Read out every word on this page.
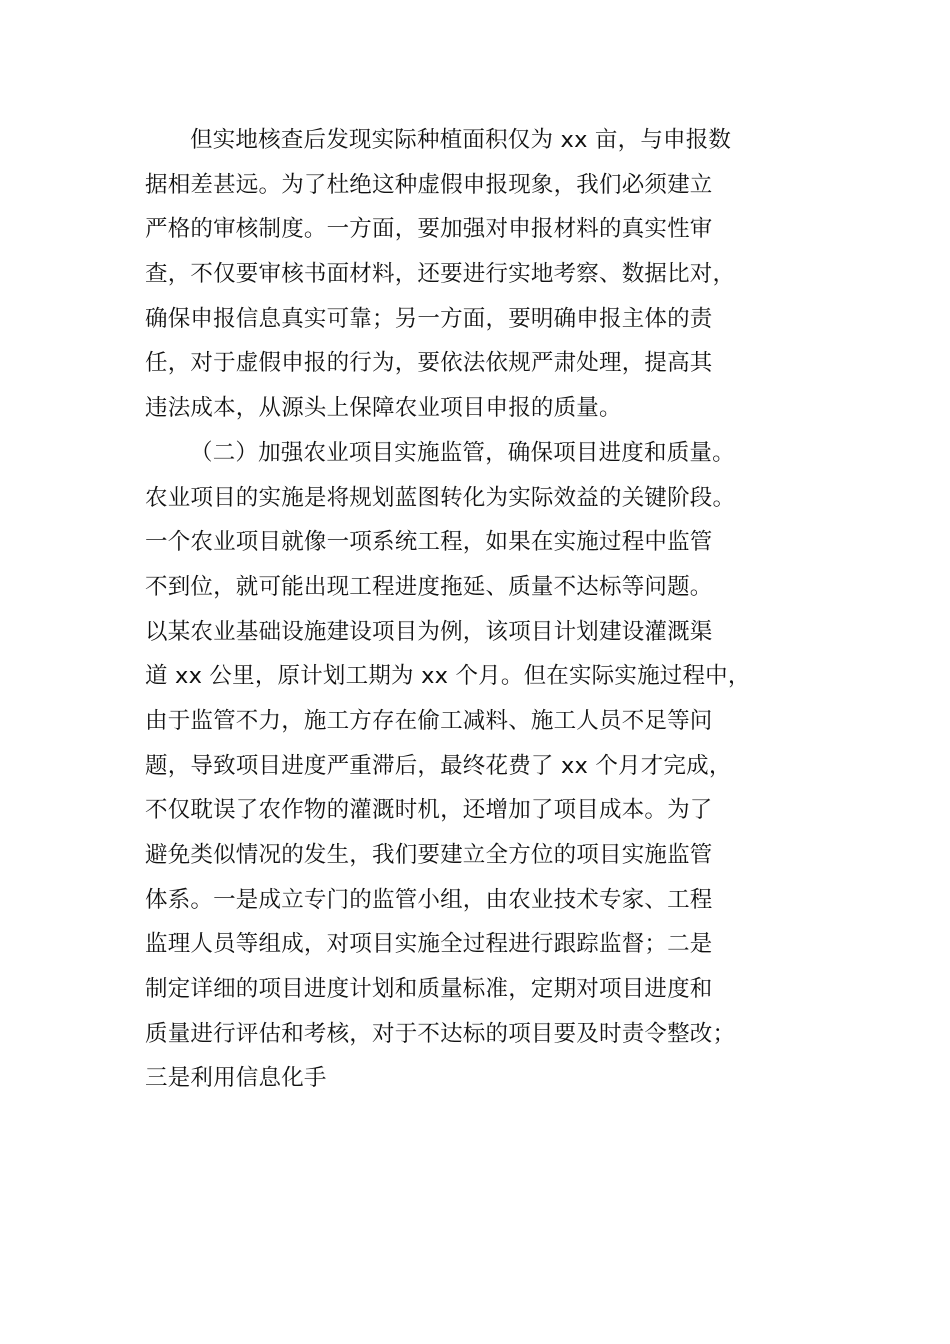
但实地核查后发现实际种植面积仅为 xx 亩，与申报数
据相差甚远。为了杜绝这种虚假申报现象，我们必须建立
严格的审核制度。一方面，要加强对申报材料的真实性审
查，不仅要审核书面材料，还要进行实地考察、数据比对，
确保申报信息真实可靠；另一方面，要明确申报主体的责
任，对于虚假申报的行为，要依法依规严肃处理，提高其
违法成本，从源头上保障农业项目申报的质量。
（二）加强农业项目实施监管，确保项目进度和质量。
农业项目的实施是将规划蓝图转化为实际效益的关键阶段。
一个农业项目就像一项系统工程，如果在实施过程中监管
不到位，就可能出现工程进度拖延、质量不达标等问题。
以某农业基础设施建设项目为例，该项目计划建设灌溉渠
道 xx 公里，原计划工期为 xx 个月。但在实际实施过程中，
由于监管不力，施工方存在偷工减料、施工人员不足等问
题，导致项目进度严重滞后，最终花费了 xx 个月才完成，
不仅耽误了农作物的灌溉时机，还增加了项目成本。为了
避免类似情况的发生，我们要建立全方位的项目实施监管
体系。一是成立专门的监管小组，由农业技术专家、工程
监理人员等组成，对项目实施全过程进行跟踪监督；二是
制定详细的项目进度计划和质量标准，定期对项目进度和
质量进行评估和考核，对于不达标的项目要及时责令整改；
三是利用信息化手
